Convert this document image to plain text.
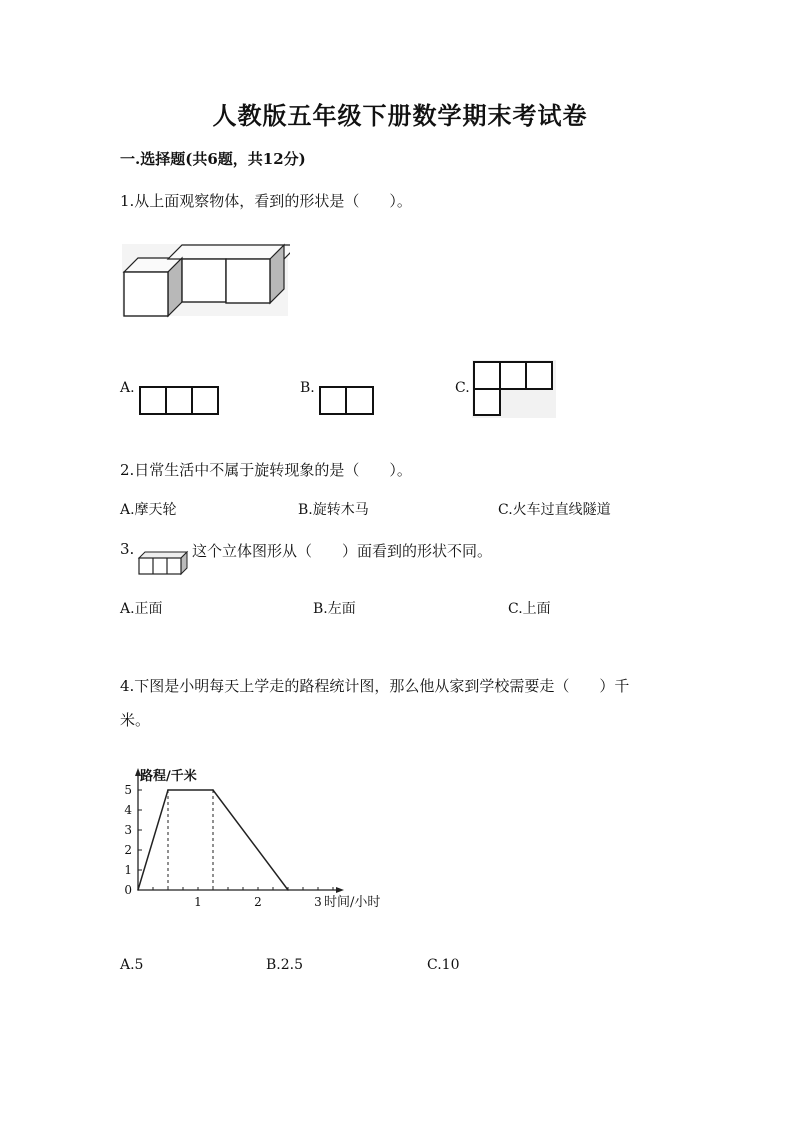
人教版五年级下册数学期末考试卷
一.选择题(共6题，共12分)
1.从上面观察物体，看到的形状是（　　）。
A.	B.	C.
2.日常生活中不属于旋转现象的是（　　）。
A.摩天轮	B.旋转木马	C.火车过直线隧道
3.	这个立体图形从（　　）面看到的形状不同。
A.正面	B.左面	C.上面
4.下图是小明每天上学走的路程统计图，那么他从家到学校需要走（　　）千
米。
0
1
2
3
4
5
1	2	3
路程/千米
时间/小时
A.5	B.2.5	C.10
